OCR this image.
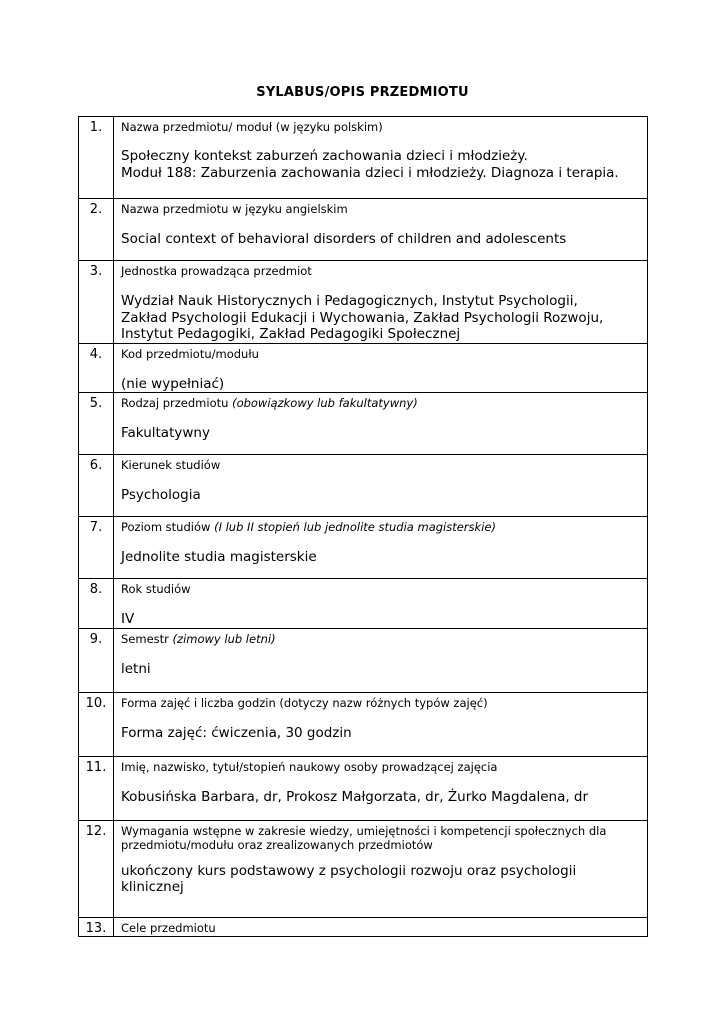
SYLABUS/OPIS PRZEDMIOTU
1.	Nazwa przedmiotu/ moduł (w języku polskim)
Społeczny kontekst zaburzeń zachowania dzieci i młodzieży.
Moduł 188: Zaburzenia zachowania dzieci i młodzieży. Diagnoza i terapia.

2.	Nazwa przedmiotu w języku angielskim
Social context of behavioral disorders of children and adolescents

3.	Jednostka prowadząca przedmiot
Wydział Nauk Historycznych i Pedagogicznych, Instytut Psychologii,
Zakład Psychologii Edukacji i Wychowania, Zakład Psychologii Rozwoju,
Instytut Pedagogiki, Zakład Pedagogiki Społecznej

4.	Kod przedmiotu/modułu
(nie wypełniać)

5.	Rodzaj przedmiotu (obowiązkowy lub fakultatywny)
Fakultatywny

6.	Kierunek studiów
Psychologia

7.	Poziom studiów (I lub II stopień lub jednolite studia magisterskie)
Jednolite studia magisterskie

8.	Rok studiów
IV

9.	Semestr (zimowy lub letni)
letni

10.	Forma zajęć i liczba godzin (dotyczy nazw różnych typów zajęć)
Forma zajęć: ćwiczenia, 30 godzin

11.	Imię, nazwisko, tytuł/stopień naukowy osoby prowadzącej zajęcia
Kobusińska Barbara, dr, Prokosz Małgorzata, dr, Żurko Magdalena, dr

12.	Wymagania wstępne w zakresie wiedzy, umiejętności i kompetencji społecznych dla przedmiotu/modułu oraz zrealizowanych przedmiotów
ukończony kurs podstawowy z psychologii rozwoju oraz psychologii
klinicznej

13.	Cele przedmiotu
